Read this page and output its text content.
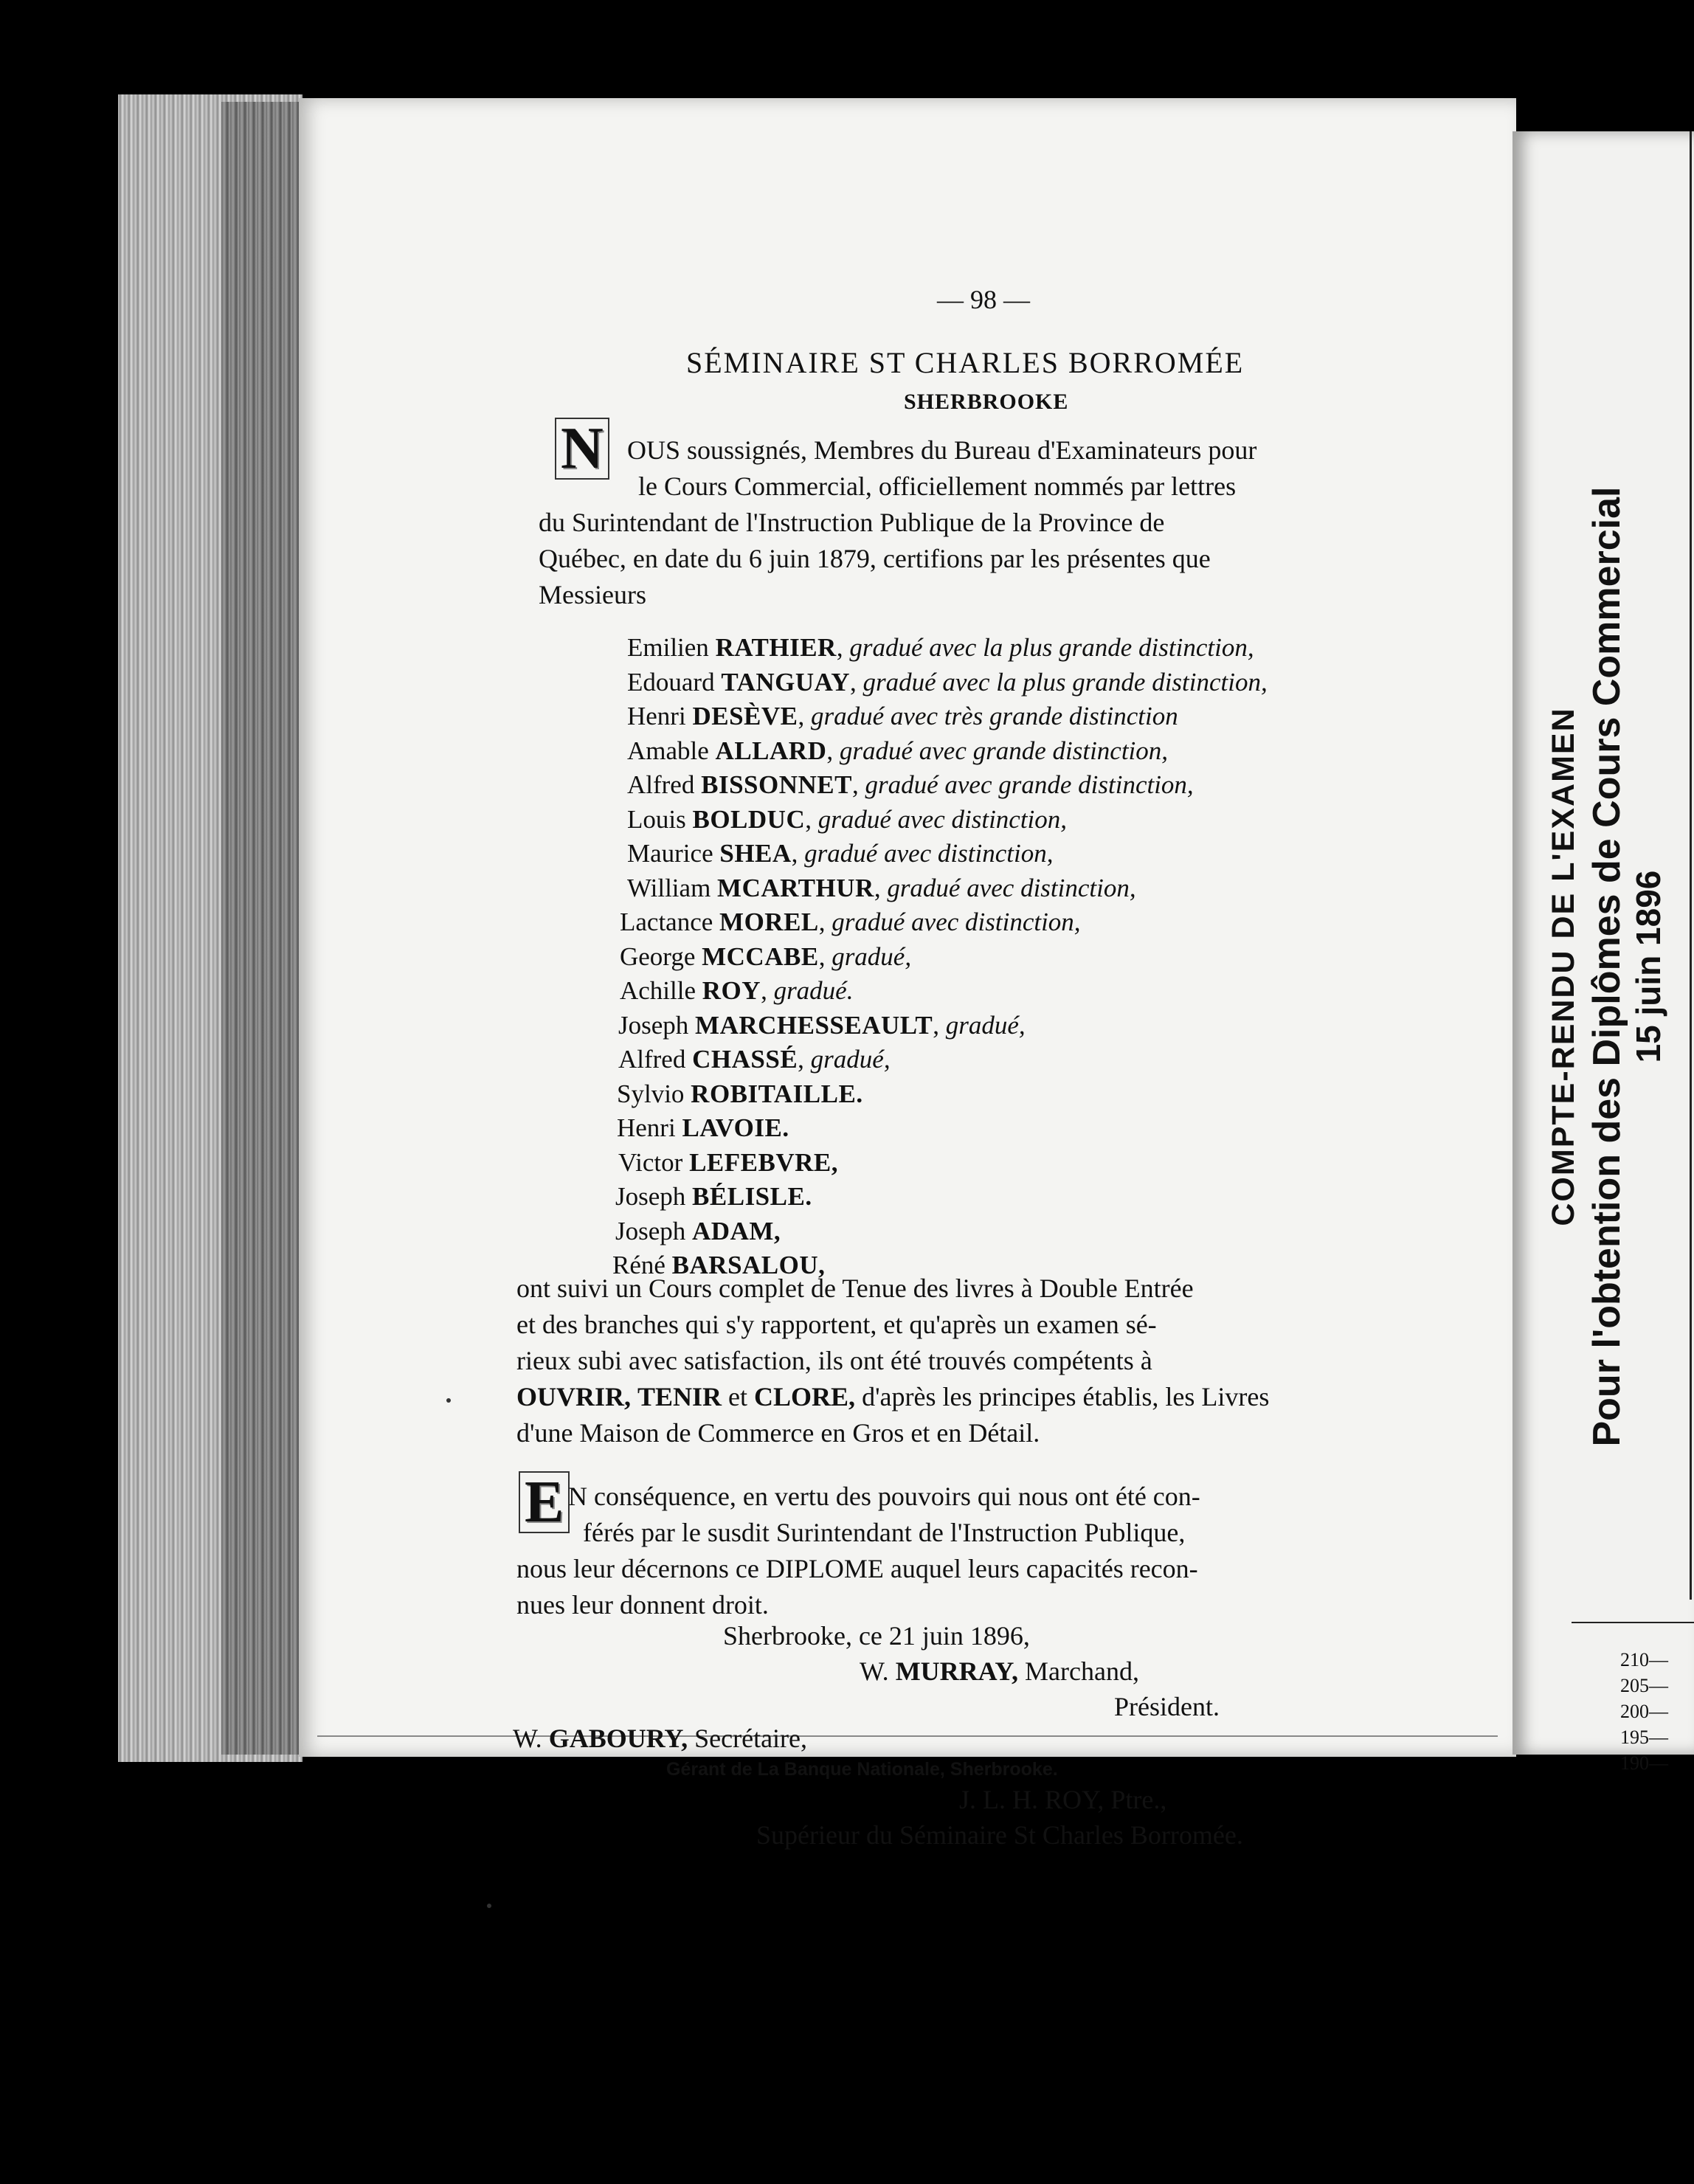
COMPTE-RENDU DE L'EXAMEN Pour l'obtention des Diplômes de Cours Commercial 15 juin 1896
210—
205—
200—
195—
190—
— 98 —
SÉMINAIRE ST CHARLES BORROMÉE
SHERBROOKE
N OUS soussignés, Membres du Bureau d'Examinateurs pour
le Cours Commercial, officiellement nommés par lettres
du Surintendant de l'Instruction Publique de la Province de
Québec, en date du 6 juin 1879, certifions par les présentes que
Messieurs
Emilien RATHIER, gradué avec la plus grande distinction,
Edouard TANGUAY, gradué avec la plus grande distinction,
Henri DESÈVE, gradué avec très grande distinction
Amable ALLARD, gradué avec grande distinction,
Alfred BISSONNET, gradué avec grande distinction,
Louis BOLDUC, gradué avec distinction,
Maurice SHEA, gradué avec distinction,
William MCARTHUR, gradué avec distinction,
Lactance MOREL, gradué avec distinction,
George MCCABE, gradué,
Achille ROY, gradué.
Joseph MARCHESSEAULT, gradué,
Alfred CHASSÉ, gradué,
Sylvio ROBITAILLE.
Henri LAVOIE.
Victor LEFEBVRE,
Joseph BÉLISLE.
Joseph ADAM,
Réné BARSALOU,
ont suivi un Cours complet de Tenue des livres à Double Entrée
et des branches qui s'y rapportent, et qu'après un examen sé-
rieux subi avec satisfaction, ils ont été trouvés compétents à
OUVRIR, TENIR et CLORE, d'après les principes établis, les Livres
d'une Maison de Commerce en Gros et en Détail.
E N conséquence, en vertu des pouvoirs qui nous ont été con-
férés par le susdit Surintendant de l'Instruction Publique,
nous leur décernons ce DIPLOME auquel leurs capacités recon-
nues leur donnent droit.
Sherbrooke, ce 21 juin 1896,
W. MURRAY, Marchand,
Président.
W. GABOURY, Secrétaire,
Gérant de La Banque Nationale, Sherbrooke.
J. L. H. ROY, Ptre.,
Supérieur du Séminaire St Charles Borromée.
